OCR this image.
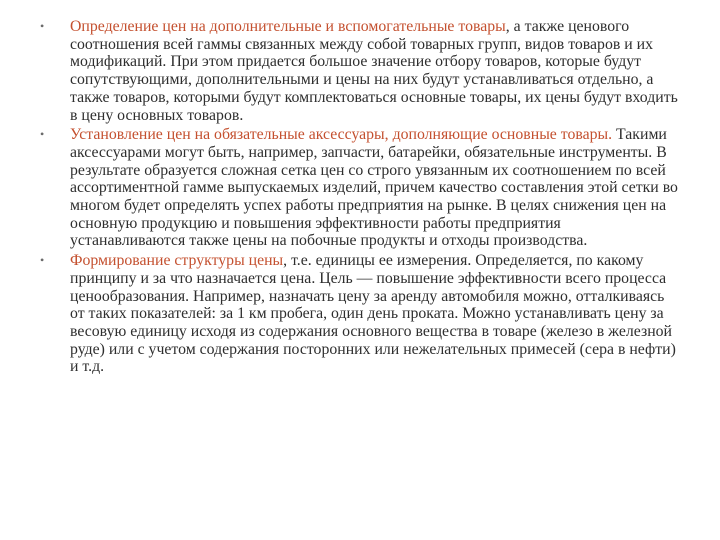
•	Определение цен на дополнительные и вспомогательные товары, а также ценового соотношения всей гаммы связанных между собой товарных групп, видов товаров и их модификаций. При этом придается большое значение отбору товаров, которые будут сопутствующими, дополнительными и цены на них будут устанавливаться отдельно, а также товаров, которыми будут комплектоваться основные товары, их цены будут входить в цену основных товаров.
•	Установление цен на обязательные аксессуары, дополняющие основные товары. Такими аксессуарами могут быть, например, запчасти, батарейки, обязательные инструменты. В результате образуется сложная сетка цен со строго увязанным их соотношением по всей ассортиментной гамме выпускаемых изделий, причем качество составления этой сетки во многом будет определять успех работы предприятия на рынке. В целях снижения цен на основную продукцию и повышения эффективности работы предприятия устанавливаются также цены на побочные продукты и отходы производства.
•	Формирование структуры цены, т.е. единицы ее измерения. Определяется, по какому принципу и за что назначается цена. Цель — повышение эффективности всего процесса ценообразования. Например, назначать цену за аренду автомобиля можно, отталкиваясь от таких показателей: за 1 км пробега, один день проката. Можно устанавливать цену за весовую единицу исходя из содержания основного вещества в товаре (железо в железной руде) или с учетом содержания посторонних или нежелательных примесей (сера в нефти) и т.д.
